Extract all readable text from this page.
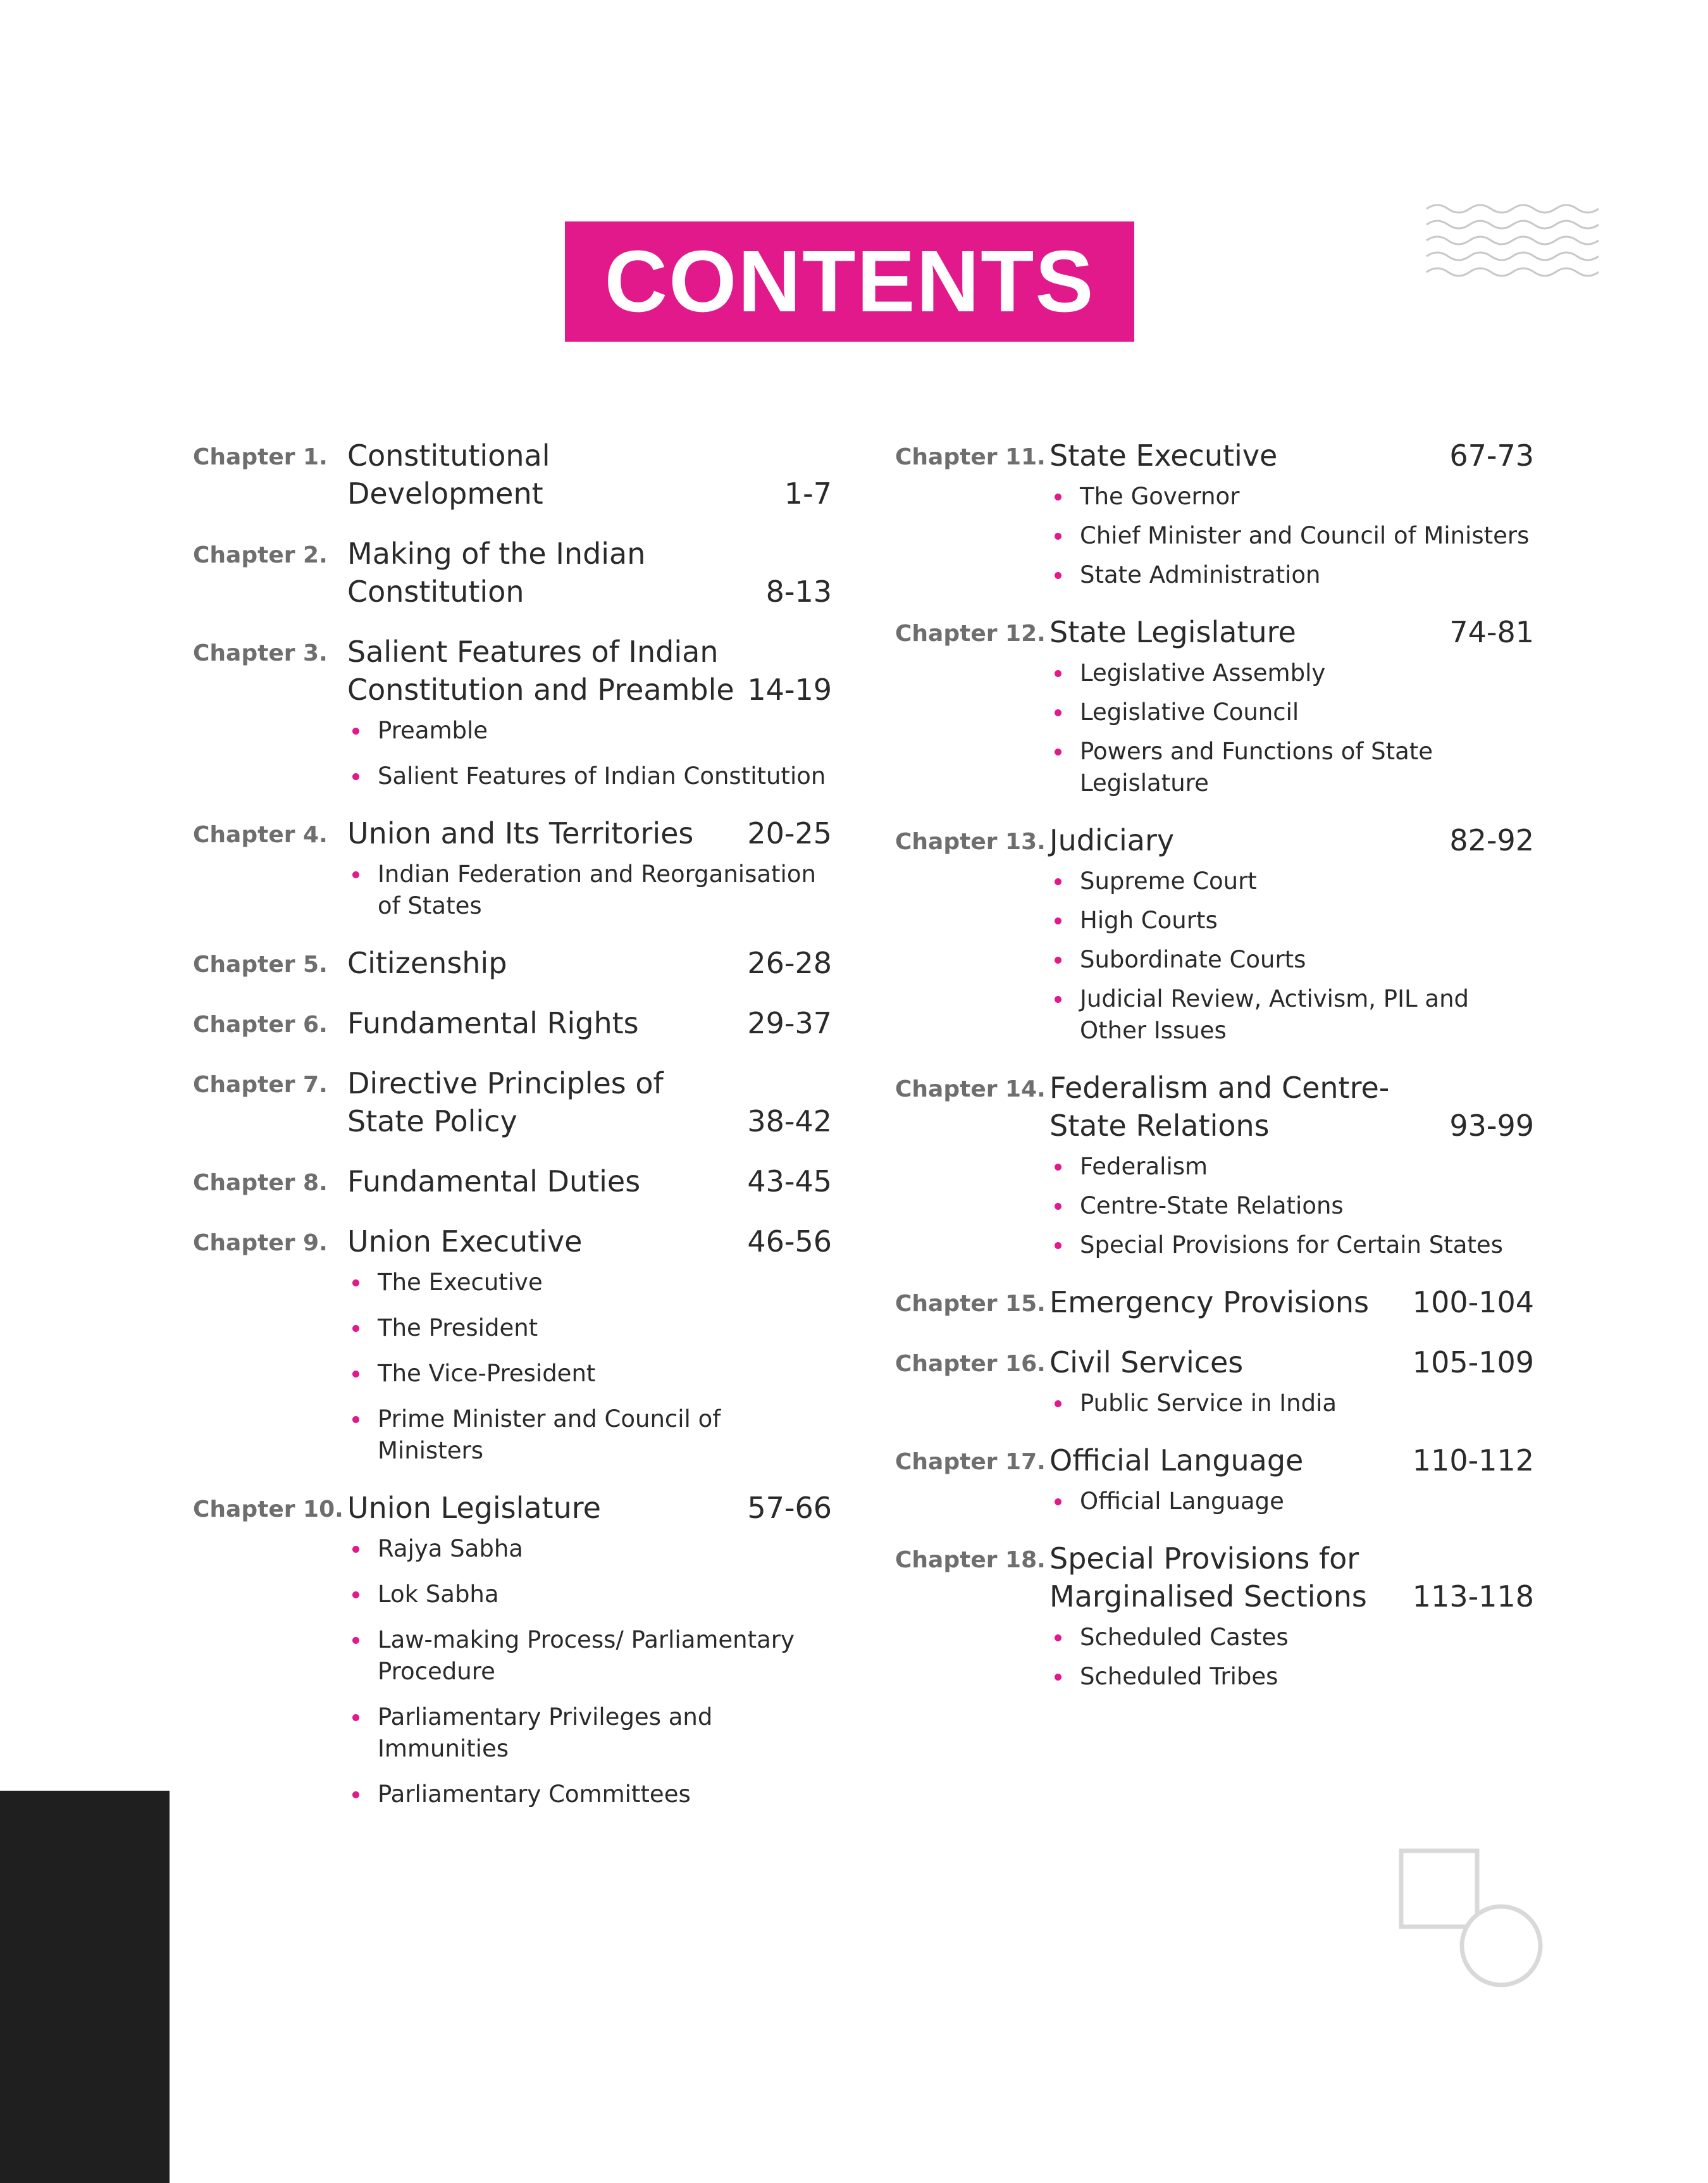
CONTENTS
Chapter 1. Constitutional Development	1-7
Chapter 2. Making of the Indian Constitution	8-13
Chapter 3. Salient Features of Indian Constitution and Preamble 14-19
Preamble
Salient Features of Indian Constitution
Chapter 4. Union and Its Territories	20-25
Indian Federation and Reorganisation of States
Chapter 5. Citizenship	26-28
Chapter 6. Fundamental Rights	29-37
Chapter 7. Directive Principles of State Policy	38-42
Chapter 8. Fundamental Duties	43-45
Chapter 9. Union Executive	46-56
The Executive
The President
The Vice-President
Prime Minister and Council of Ministers
Chapter 10. Union Legislature	57-66
Rajya Sabha
Lok Sabha
Law-making Process/ Parliamentary Procedure
Parliamentary Privileges and Immunities
Parliamentary Committees
Chapter 11. State Executive	67-73
The Governor
Chief Minister and Council of Ministers
State Administration
Chapter 12. State Legislature	74-81
Legislative Assembly
Legislative Council
Powers and Functions of State Legislature
Chapter 13. Judiciary	82-92
Supreme Court
High Courts
Subordinate Courts
Judicial Review, Activism, PIL and Other Issues
Chapter 14. Federalism and Centre-State Relations	93-99
Federalism
Centre-State Relations
Special Provisions for Certain States
Chapter 15. Emergency Provisions	100-104
Chapter 16. Civil Services	105-109
Public Service in India
Chapter 17. Official Language	110-112
Official Language
Chapter 18. Special Provisions for Marginalised Sections	113-118
Scheduled Castes
Scheduled Tribes
